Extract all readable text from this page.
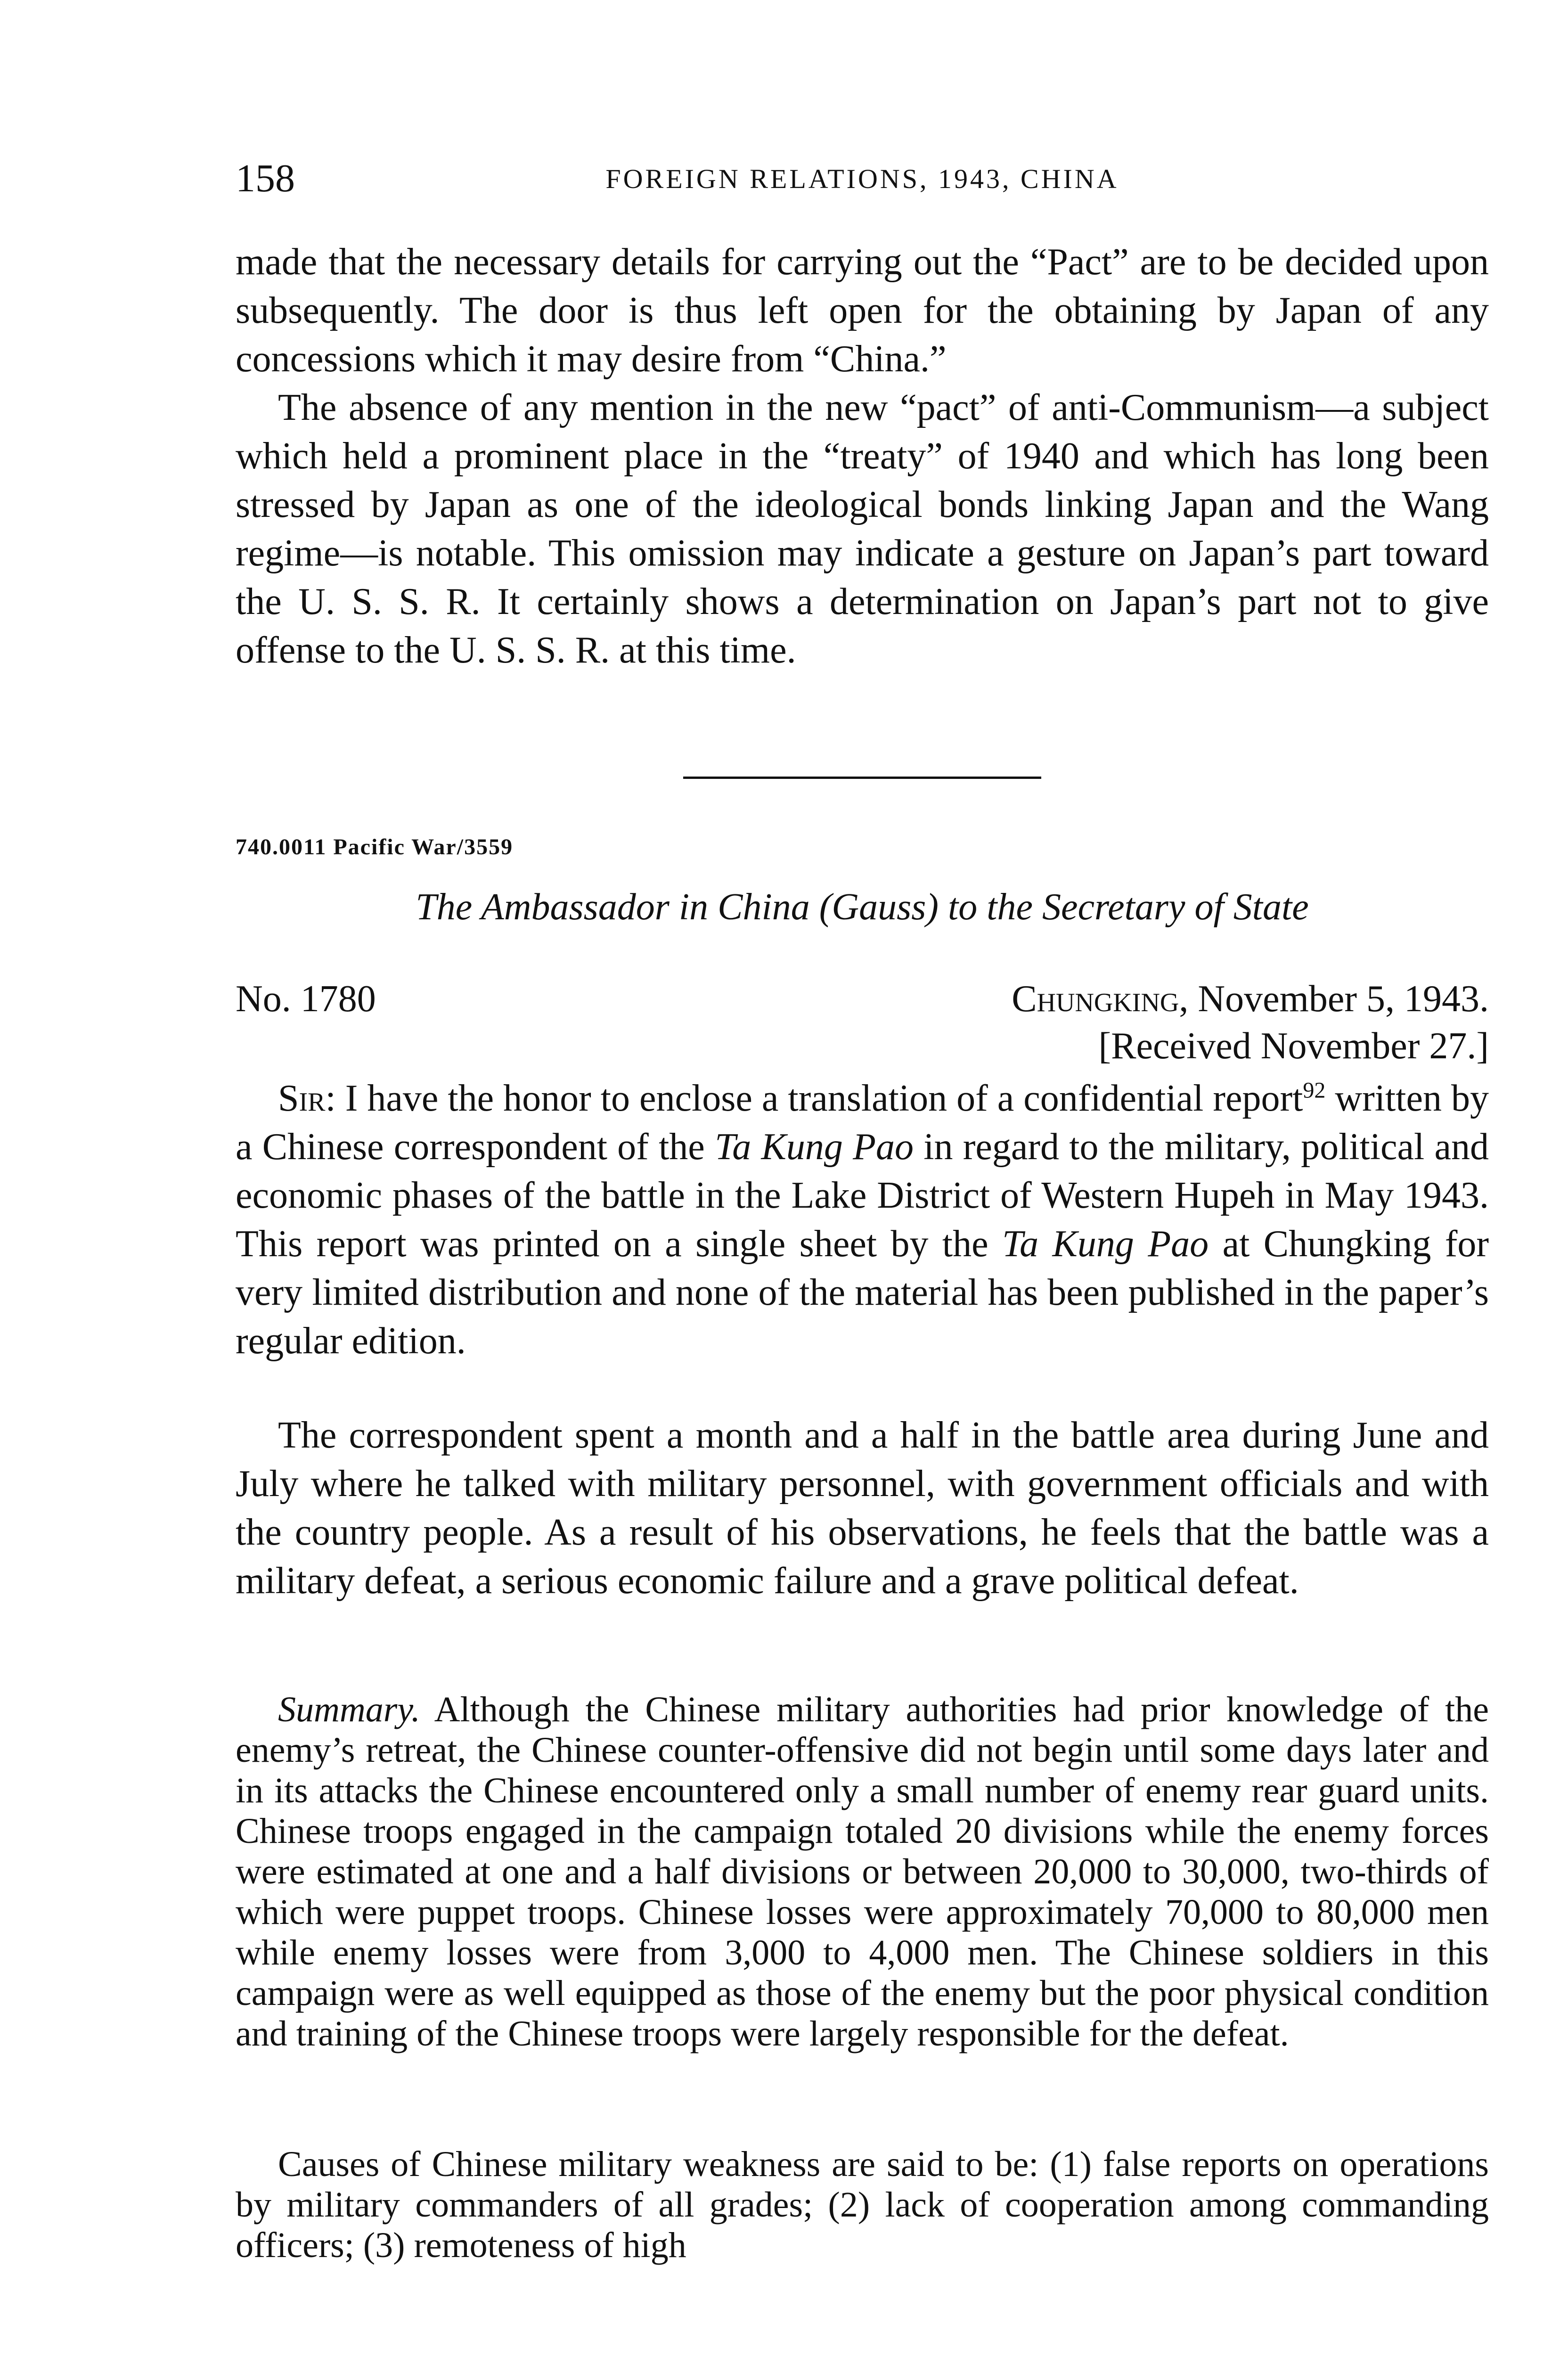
158	FOREIGN RELATIONS, 1943, CHINA

made that the necessary details for carrying out the “Pact” are to be decided upon subsequently. The door is thus left open for the obtaining by Japan of any concessions which it may desire from “China.”

The absence of any mention in the new “pact” of anti-Communism—a subject which held a prominent place in the “treaty” of 1940 and which has long been stressed by Japan as one of the ideological bonds linking Japan and the Wang regime—is notable. This omission may indicate a gesture on Japan’s part toward the U. S. S. R. It certainly shows a determination on Japan’s part not to give offense to the U. S. S. R. at this time.

740.0011 Pacific War/3559
The Ambassador in China (Gauss) to the Secretary of State
No. 1780	Chungking, November 5, 1943.
[Received November 27.]

Sir: I have the honor to enclose a translation of a confidential report$^{92}$ written by a Chinese correspondent of the Ta Kung Pao in regard to the military, political and economic phases of the battle in the Lake District of Western Hupeh in May 1943. This report was printed on a single sheet by the Ta Kung Pao at Chungking for very limited distribution and none of the material has been published in the paper’s regular edition.

The correspondent spent a month and a half in the battle area during June and July where he talked with military personnel, with government officials and with the country people. As a result of his observations, he feels that the battle was a military defeat, a serious economic failure and a grave political defeat.

Summary. Although the Chinese military authorities had prior knowledge of the enemy’s retreat, the Chinese counter-offensive did not begin until some days later and in its attacks the Chinese encountered only a small number of enemy rear guard units. Chinese troops engaged in the campaign totaled 20 divisions while the enemy forces were estimated at one and a half divisions or between 20,000 to 30,000, two-thirds of which were puppet troops. Chinese losses were approximately 70,000 to 80,000 men while enemy losses were from 3,000 to 4,000 men. The Chinese soldiers in this campaign were as well equipped as those of the enemy but the poor physical condition and training of the Chinese troops were largely responsible for the defeat.

Causes of Chinese military weakness are said to be: (1) false reports on operations by military commanders of all grades; (2) lack of cooperation among commanding officers; (3) remoteness of high
